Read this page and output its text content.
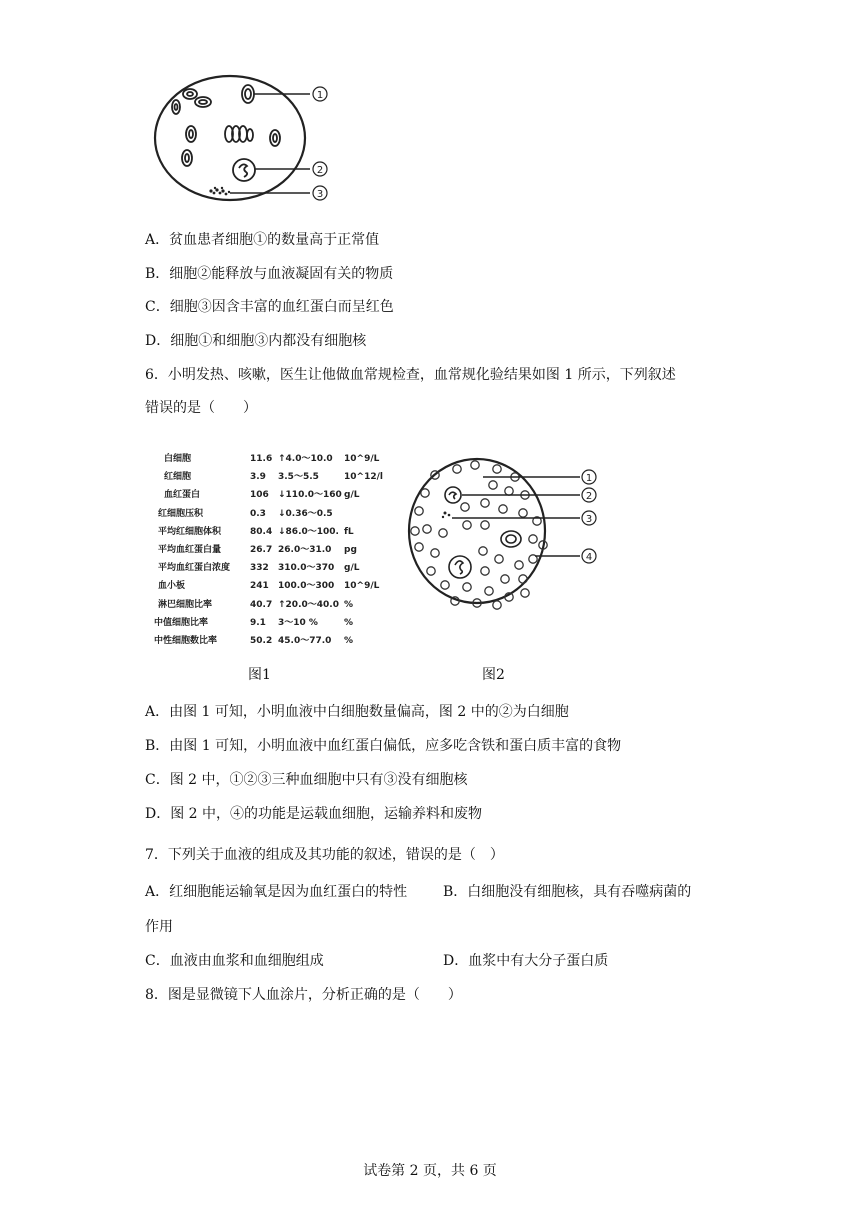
1
2
3
A．贫血患者细胞①的数量高于正常值
B．细胞②能释放与血液凝固有关的物质
C．细胞③因含丰富的血红蛋白而呈红色
D．细胞①和细胞③内都没有细胞核
6．小明发热、咳嗽，医生让他做血常规检查，血常规化验结果如图 1 所示，下列叙述
错误的是（　　）
白细胞	11.6 ↑4.0～10.0 10^9/L
红细胞	3.9 3.5～5.5	10^12/l
血红蛋白	106 ↓110.0～160 g/L
红细胞压积	0.3 ↓0.36～0.5
平均红细胞体积	80.4 ↓86.0～100. fL
平均血红蛋白量	26.7 26.0～31.0 pg
平均血红蛋白浓度 332 310.0～370 g/L
血小板	241 100.0～300 10^9/L
淋巴细胞比率	40.7 ↑20.0～40.0 %
中值细胞比率	9.1 3～10 %	%
中性细胞数比率	50.2 45.0～77.0 %
1
2
3
4
图1	图2
A．由图 1 可知，小明血液中白细胞数量偏高，图 2 中的②为白细胞
B．由图 1 可知，小明血液中血红蛋白偏低，应多吃含铁和蛋白质丰富的食物
C．图 2 中，①②③三种血细胞中只有③没有细胞核
D．图 2 中，④的功能是运载血细胞，运输养料和废物
7．下列关于血液的组成及其功能的叙述，错误的是（　）
A．红细胞能运输氧是因为血红蛋白的特性	B．白细胞没有细胞核，具有吞噬病菌的
作用
C．血液由血浆和血细胞组成	D．血浆中有大分子蛋白质
8．图是显微镜下人血涂片，分析正确的是（　　）
试卷第 2 页，共 6 页
